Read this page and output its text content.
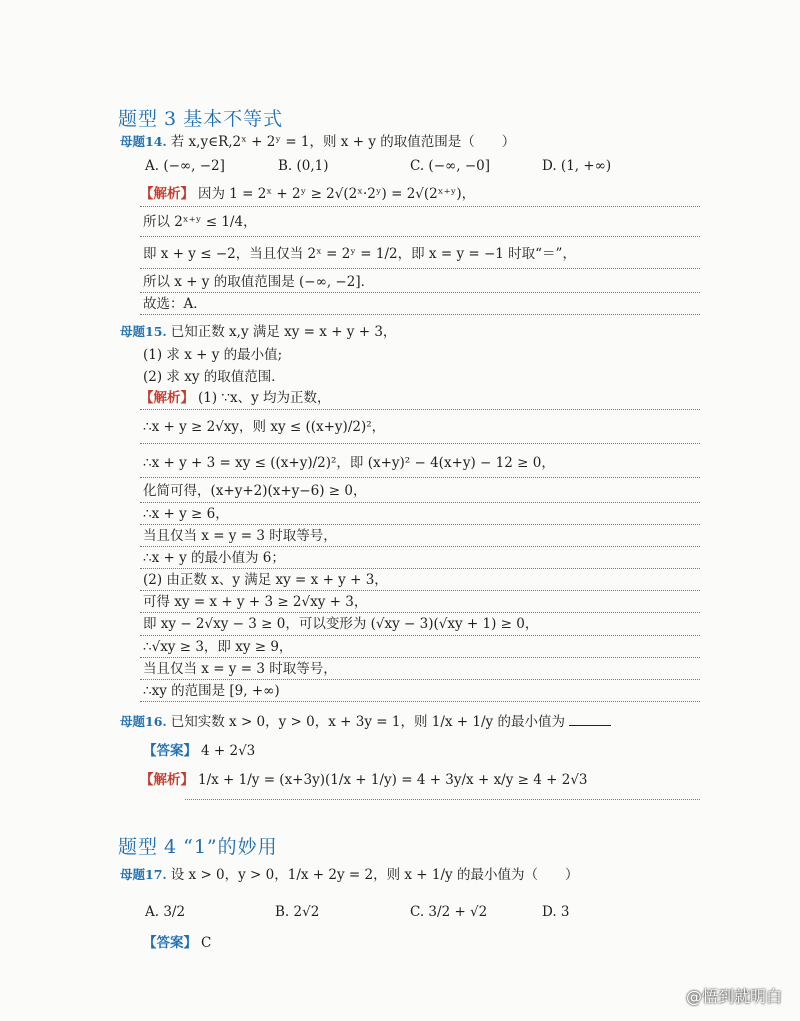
题型 3 基本不等式
母题14. 若 x,y∈R,2ˣ + 2ʸ = 1，则 x + y 的取值范围是（　　）
A. (−∞, −2]	B. (0,1)	C. (−∞, −0]	D. (1, +∞)
【解析】 因为 1 = 2ˣ + 2ʸ ≥ 2√(2ˣ·2ʸ) = 2√(2ˣ⁺ʸ)，
所以 2ˣ⁺ʸ ≤ 1/4，
即 x + y ≤ −2，当且仅当 2ˣ = 2ʸ = 1/2，即 x = y = −1 时取“＝”，
所以 x + y 的取值范围是 (−∞, −2]．
故选：A．
母题15. 已知正数 x,y 满足 xy = x + y + 3，
(1) 求 x + y 的最小值;
(2) 求 xy 的取值范围．
【解析】 (1) ∵x、y 均为正数，
∴x + y ≥ 2√xy，则 xy ≤ ((x+y)/2)²，
∴x + y + 3 = xy ≤ ((x+y)/2)²，即 (x+y)² − 4(x+y) − 12 ≥ 0，
化简可得，(x+y+2)(x+y−6) ≥ 0，
∴x + y ≥ 6，
当且仅当 x = y = 3 时取等号，
∴x + y 的最小值为 6；
(2) 由正数 x、y 满足 xy = x + y + 3，
可得 xy = x + y + 3 ≥ 2√xy + 3，
即 xy − 2√xy − 3 ≥ 0，可以变形为 (√xy − 3)(√xy + 1) ≥ 0，
∴√xy ≥ 3，即 xy ≥ 9，
当且仅当 x = y = 3 时取等号，
∴xy 的范围是 [9, +∞)
母题16. 已知实数 x > 0，y > 0，x + 3y = 1，则 1/x + 1/y 的最小值为
【答案】 4 + 2√3
【解析】 1/x + 1/y = (x+3y)(1/x + 1/y) = 4 + 3y/x + x/y ≥ 4 + 2√3
题型 4 “1”的妙用
母题17. 设 x > 0，y > 0，1/x + 2y = 2，则 x + 1/y 的最小值为（　　）
A. 3/2	B. 2√2	C. 3/2 + √2	D. 3
【答案】 C
@悟到就明白
